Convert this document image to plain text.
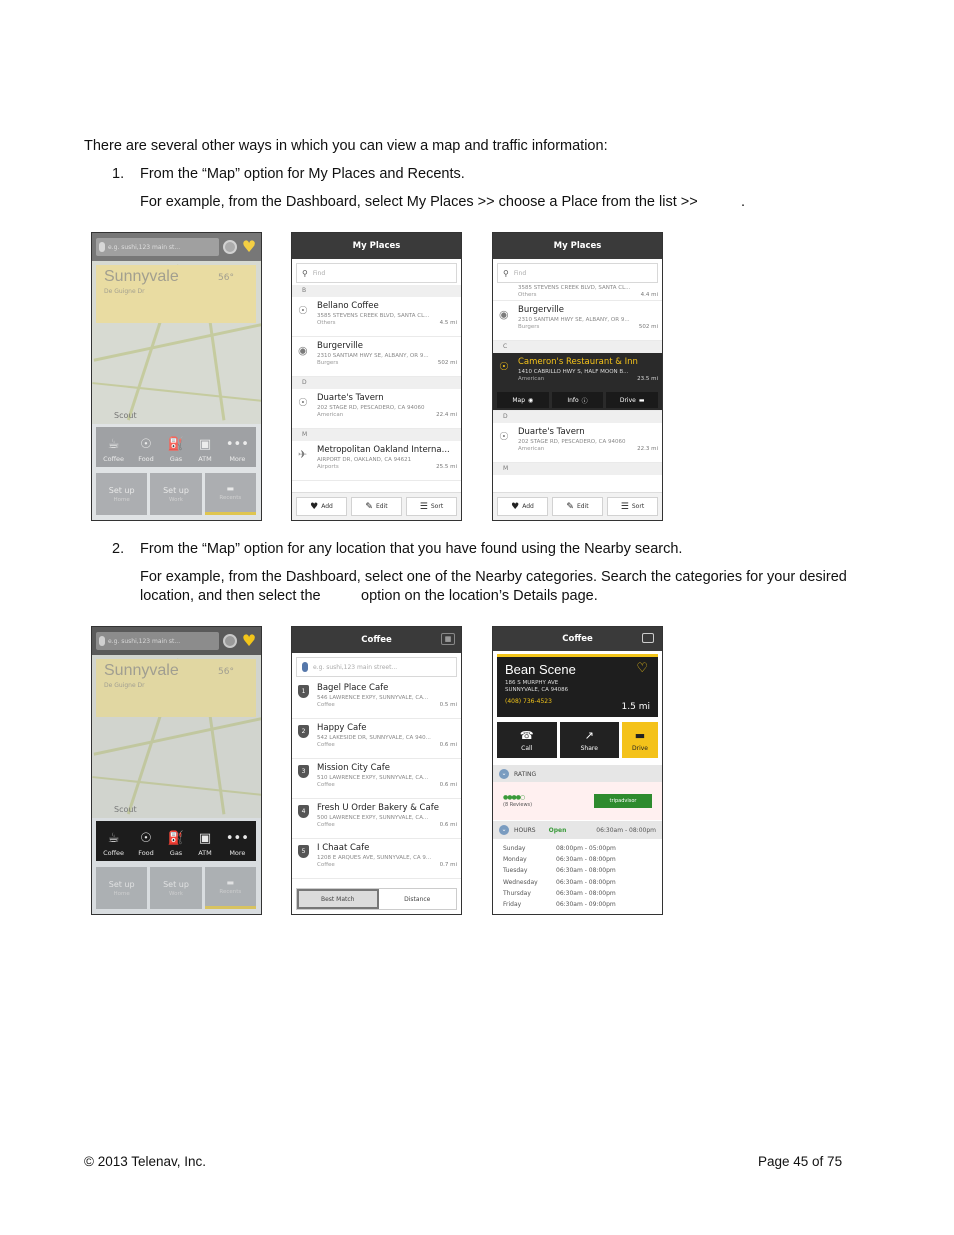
There are several other ways in which you can view a map and traffic information:
1. From the “Map” option for My Places and Recents.
For example, from the Dashboard, select My Places >> choose a Place from the list >>	.
e.g. sushi,123 main st...	♥
Sunnyvale
De Guigne Dr
56°
Scout
☕
Coffee
☉
Food
⛽
Gas
▣
ATM
•••
More
Set up
Home
Set up
Work
▬
Recents
My Places
⚲ Find
B
☉ Bellano Coffee
3585 STEVENS CREEK BLVD, SANTA CL...
Others	4.5 mi
◉ Burgerville
2310 SANTIAM HWY SE, ALBANY, OR 9...
Burgers	502 mi
D
☉ Duarte's Tavern
202 STAGE RD, PESCADERO, CA 94060
American	22.4 mi
M
✈ Metropolitan Oakland Interna...
AIRPORT DR, OAKLAND, CA 94621
Airports	25.5 mi
♥ Add	✎ Edit	☰ Sort
My Places
⚲ Find
3585 STEVENS CREEK BLVD, SANTA CL...
Others	4.4 mi
◉ Burgerville
2310 SANTIAM HWY SE, ALBANY, OR 9...
Burgers	502 mi
C
☉ Cameron's Restaurant & Inn
1410 CABRILLO HWY S, HALF MOON B...
American	23.5 mi
Map ◉	Info ⓘ	Drive ▬
D
☉ Duarte's Tavern
202 STAGE RD, PESCADERO, CA 94060
American	22.3 mi
M
♥ Add	✎ Edit	☰ Sort
2. From the “Map” option for any location that you have found using the Nearby search.
For example, from the Dashboard, select one of the Nearby categories. Search the categories for your desired
location, and then select the	option on the location’s Details page.
e.g. sushi,123 main st...	♥
Sunnyvale
De Guigne Dr
56°
Scout
☕
Coffee
☉
Food
⛽
Gas
▣
ATM
•••
More
Set up
Home
Set up
Work
▬
Recents
Coffee	▦
e.g. sushi,123 main street...
1	Bagel Place Cafe
546 LAWRENCE EXPY, SUNNYVALE, CA...
Coffee	0.5 mi
2	Happy Cafe
542 LAKESIDE DR, SUNNYVALE, CA 940...
Coffee	0.6 mi
3	Mission City Cafe
510 LAWRENCE EXPY, SUNNYVALE, CA...
Coffee	0.6 mi
4	Fresh U Order Bakery & Cafe
500 LAWRENCE EXPY, SUNNYVALE, CA...
Coffee	0.6 mi
5	I Chaat Cafe
1208 E ARQUES AVE, SUNNYVALE, CA 9...
Coffee	0.7 mi
Best Match	Distance
Coffee
Bean Scene	♡
186 S MURPHY AVE
SUNNYVALE, CA 94086
(408) 736-4523
1.5 mi
☎
Call
↗
Share
▬
Drive
⌄	RATING
●●●●○
(8 Reviews)
tripadvisor
⌄	HOURS Open	06:30am - 08:00pm
Sunday	08:00pm - 05:00pm
Monday	06:30am - 08:00pm
Tuesday	06:30am - 08:00pm
Wednesday	06:30am - 08:00pm
Thursday	06:30am - 08:00pm
Friday	06:30am - 09:00pm
© 2013 Telenav, Inc.	Page 45 of 75
